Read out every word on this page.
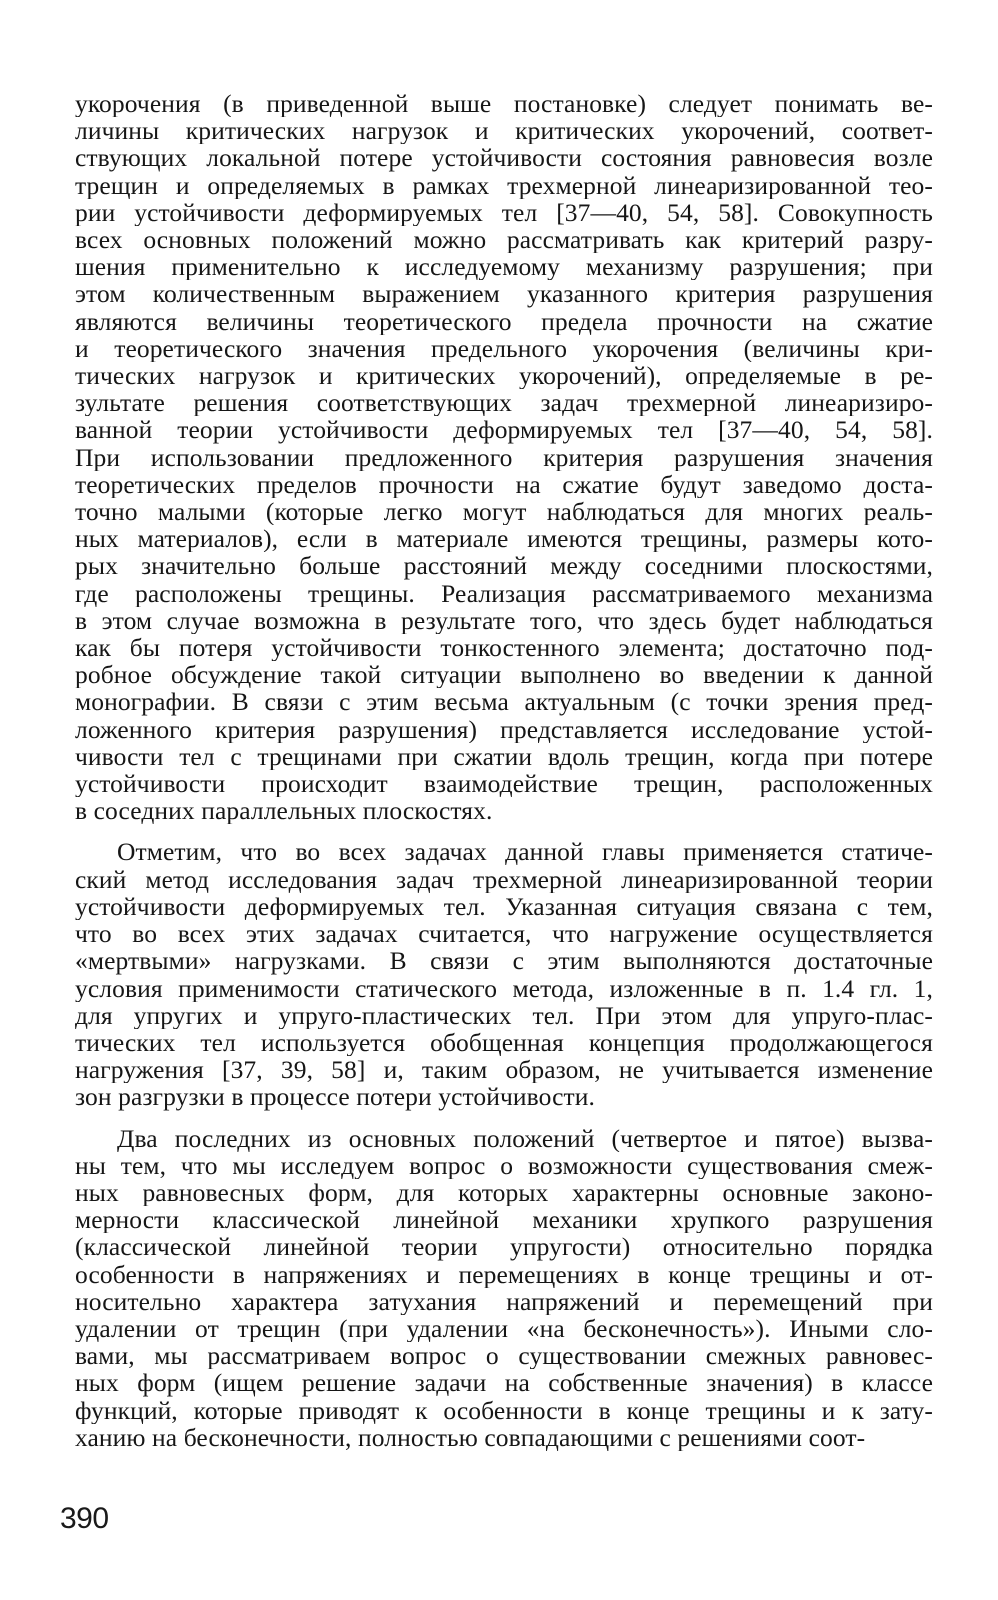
укорочения (в приведенной выше постановке) следует понимать ве-
личины критических нагрузок и критических укорочений, соответ-
ствующих локальной потере устойчивости состояния равновесия возле
трещин и определяемых в рамках трехмерной линеаризированной тео-
рии устойчивости деформируемых тел [37—40, 54, 58]. Совокупность
всех основных положений можно рассматривать как критерий разру-
шения применительно к исследуемому механизму разрушения; при
этом количественным выражением указанного критерия разрушения
являются величины теоретического предела прочности на сжатие
и теоретического значения предельного укорочения (величины кри-
тических нагрузок и критических укорочений), определяемые в ре-
зультате решения соответствующих задач трехмерной линеаризиро-
ванной теории устойчивости деформируемых тел [37—40, 54, 58].
При использовании предложенного критерия разрушения значения
теоретических пределов прочности на сжатие будут заведомо доста-
точно малыми (которые легко могут наблюдаться для многих реаль-
ных материалов), если в материале имеются трещины, размеры кото-
рых значительно больше расстояний между соседними плоскостями,
где расположены трещины. Реализация рассматриваемого механизма
в этом случае возможна в результате того, что здесь будет наблюдаться
как бы потеря устойчивости тонкостенного элемента; достаточно под-
робное обсуждение такой ситуации выполнено во введении к данной
монографии. В связи с этим весьма актуальным (с точки зрения пред-
ложенного критерия разрушения) представляется исследование устой-
чивости тел с трещинами при сжатии вдоль трещин, когда при потере
устойчивости происходит взаимодействие трещин, расположенных
в соседних параллельных плоскостях.

Отметим, что во всех задачах данной главы применяется статиче-
ский метод исследования задач трехмерной линеаризированной теории
устойчивости деформируемых тел. Указанная ситуация связана с тем,
что во всех этих задачах считается, что нагружение осуществляется
«мертвыми» нагрузками. В связи с этим выполняются достаточные
условия применимости статического метода, изложенные в п. 1.4 гл. 1,
для упругих и упруго-пластических тел. При этом для упруго-плас-
тических тел используется обобщенная концепция продолжающегося
нагружения [37, 39, 58] и, таким образом, не учитывается изменение
зон разгрузки в процессе потери устойчивости.

Два последних из основных положений (четвертое и пятое) вызва-
ны тем, что мы исследуем вопрос о возможности существования смеж-
ных равновесных форм, для которых характерны основные законо-
мерности классической линейной механики хрупкого разрушения
(классической линейной теории упругости) относительно порядка
особенности в напряжениях и перемещениях в конце трещины и от-
носительно характера затухания напряжений и перемещений при
удалении от трещин (при удалении «на бесконечность»). Иными сло-
вами, мы рассматриваем вопрос о существовании смежных равновес-
ных форм (ищем решение задачи на собственные значения) в классе
функций, которые приводят к особенности в конце трещины и к зату-
ханию на бесконечности, полностью совпадающими с решениями соот-

390
